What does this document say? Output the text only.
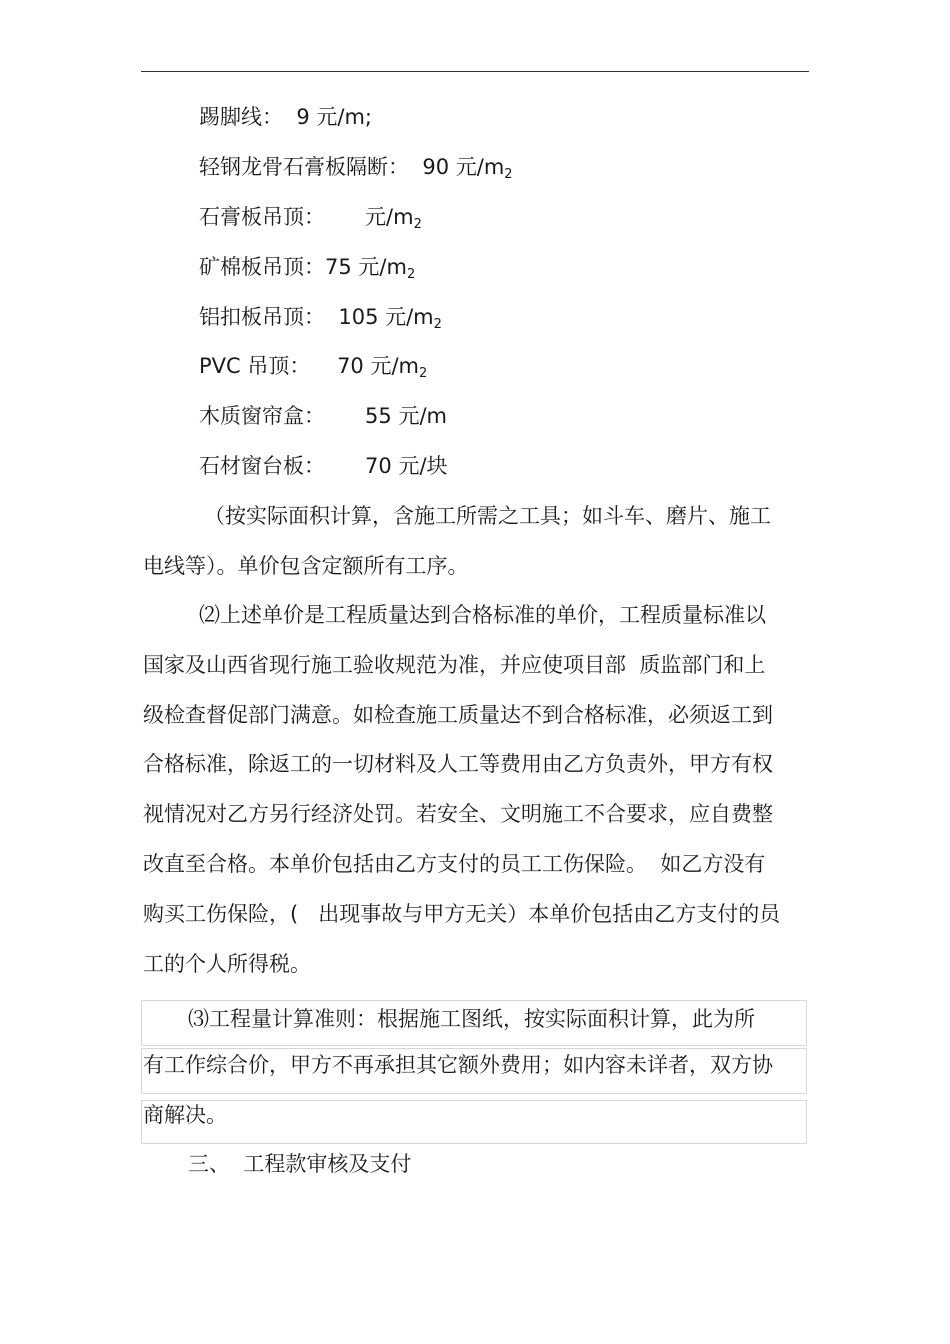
踢脚线：  9 元/m;
轻钢龙骨石膏板隔断：  90 元/m2
石膏板吊顶：      元/m2
矿棉板吊顶：75 元/m2
铝扣板吊顶：  105 元/m2
PVC 吊顶：    70 元/m2
木质窗帘盒：      55 元/m
石材窗台板：      70 元/块
（按实际面积计算，含施工所需之工具；如斗车、磨片、施工
电线等）。单价包含定额所有工序。
⑵上述单价是工程质量达到合格标准的单价，工程质量标准以
国家及山西省现行施工验收规范为准，并应使项目部  质监部门和上
级检查督促部门满意。如检查施工质量达不到合格标准，必须返工到
合格标准，除返工的一切材料及人工等费用由乙方负责外，甲方有权
视情况对乙方另行经济处罚。若安全、文明施工不合要求，应自费整
改直至合格。本单价包括由乙方支付的员工工伤保险。  如乙方没有
购买工伤保险，(   出现事故与甲方无关）本单价包括由乙方支付的员
工的个人所得税。
⑶工程量计算准则：根据施工图纸，按实际面积计算，此为所
有工作综合价，甲方不再承担其它额外费用；如内容未详者，双方协
商解决。
三、  工程款审核及支付
